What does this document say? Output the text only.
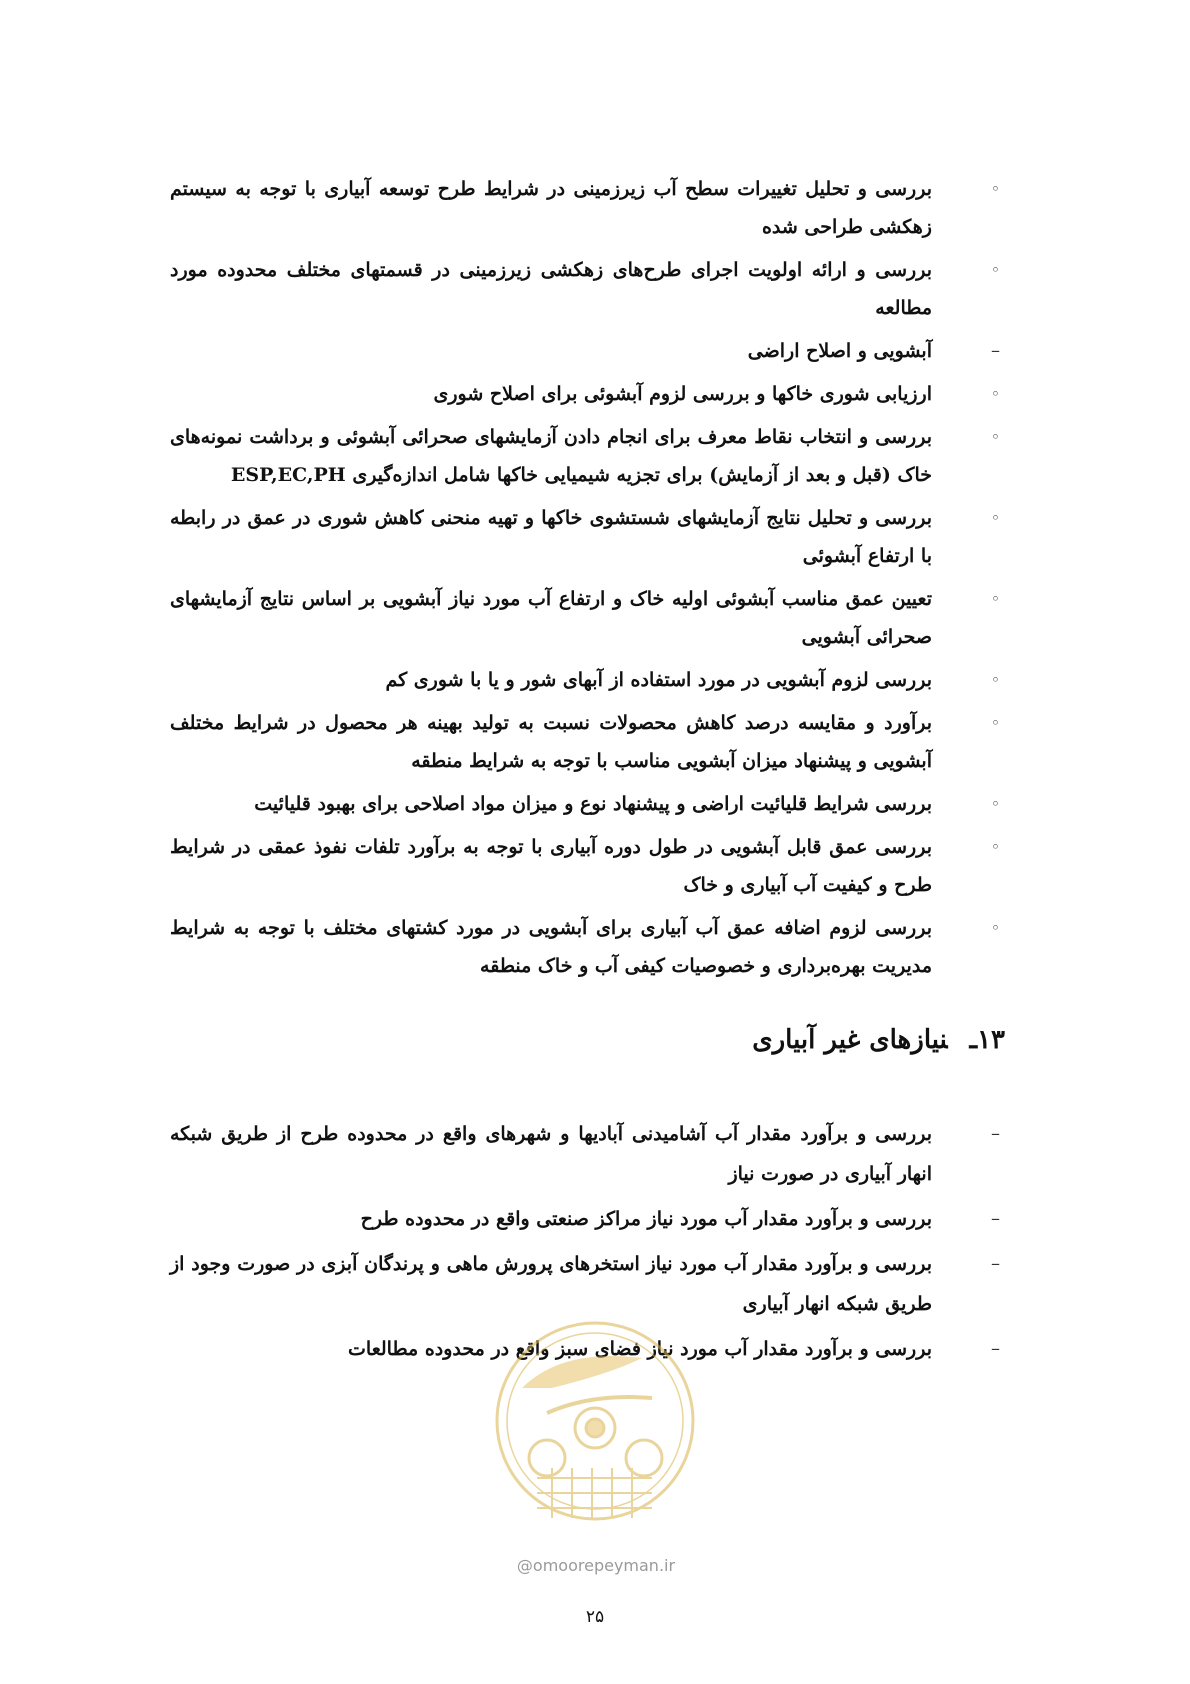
◦
بررسی و تحلیل تغییرات سطح آب زیرزمینی در شرایط طرح توسعه آبیاری با توجه به سیستم زهکشی طراحی شده
◦
بررسی و ارائه اولویت اجرای طرح‌های زهکشی زیرزمینی در قسمتهای مختلف محدوده مورد مطالعه
–
آبشویی و اصلاح اراضی
◦
ارزیابی شوری خاکها و بررسی لزوم آبشوئی برای اصلاح شوری
◦
بررسی و انتخاب نقاط معرف برای انجام دادن آزمایشهای صحرائی آبشوئی و برداشت نمونه‌های خاک (قبل و بعد از آزمایش) برای تجزیه شیمیایی خاکها شامل اندازه‌گیری ESP,EC,PH
◦
بررسی و تحلیل نتایج آزمایشهای شستشوی خاکها و تهیه منحنی کاهش شوری در عمق در رابطه با ارتفاع آبشوئی
◦
تعیین عمق مناسب آبشوئی اولیه خاک و ارتفاع آب مورد نیاز آبشویی بر اساس نتایج آزمایشهای صحرائی آبشویی
◦
بررسی لزوم آبشویی در مورد استفاده از آبهای شور و یا با شوری کم
◦
برآورد و مقایسه درصد کاهش محصولات نسبت به تولید بهینه هر محصول در شرایط مختلف آبشویی و پیشنهاد میزان آبشویی مناسب با توجه به شرایط منطقه
◦
بررسی شرایط قلیائیت اراضی و پیشنهاد نوع و میزان مواد اصلاحی برای بهبود قلیائیت
◦
بررسی عمق قابل آبشویی در طول دوره آبیاری با توجه به برآورد تلفات نفوذ عمقی در شرایط طرح و کیفیت آب آبیاری و خاک
◦
بررسی لزوم اضافه عمق آب آبیاری برای آبشویی در مورد کشتهای مختلف با توجه به شرایط مدیریت بهره‌برداری و خصوصیات کیفی آب و خاک منطقه
۱۳ـنیازهای غیر آبیاری
–
بررسی و برآورد مقدار آب آشامیدنی آبادیها و شهرهای واقع در محدوده طرح از طریق شبکه انهار آبیاری در صورت نیاز
–
بررسی و برآورد مقدار آب مورد نیاز مراکز صنعتی واقع در محدوده طرح
–
بررسی و برآورد مقدار آب مورد نیاز استخرهای پرورش ماهی و پرندگان آبزی در صورت وجود از طریق شبکه انهار آبیاری
–
بررسی و برآورد مقدار آب مورد نیاز فضای سبز واقع در محدوده مطالعات
@omoorepeyman.ir
۲۵
